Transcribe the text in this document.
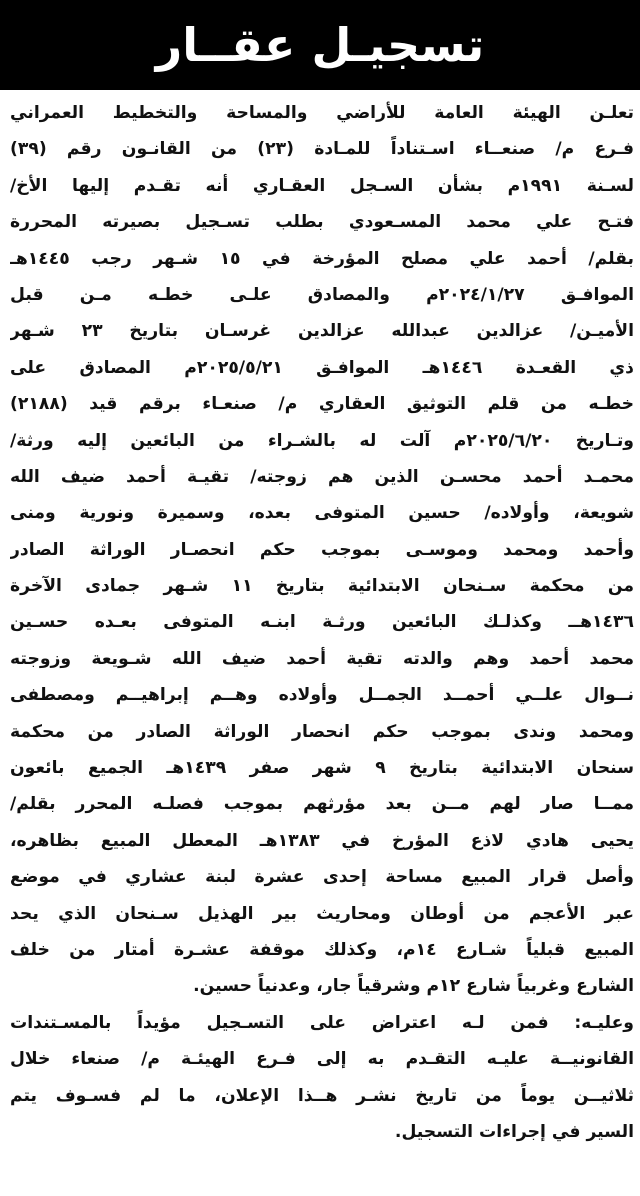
تسجيـل عقــار
تعلـن الهيئة العامة للأراضي والمساحة والتخطيط العمراني
فـرع م/ صنعــاء اسـتناداً للمـادة (٢٣) من القانـون رقم (٣٩)
لسـنة ١٩٩١م بشأن السـجل العقـاري أنه تقـدم إليها الأخ/
فتـح علي محمد المسـعودي بطلب تسـجيل بصيرته المحررة
بقلم/ أحمد علي مصلح المؤرخة في ١٥ شـهر رجب ١٤٤٥هـ
الموافـق ٢٠٢٤/١/٢٧م والمصادق علـى خطـه مـن قبل
الأميـن/ عزالدين عبدالله عزالدين غرسـان بتاريخ ٢٣ شـهر
ذي القعـدة ١٤٤٦هـ الموافـق ٢٠٢٥/٥/٢١م المصادق على
خطـه من قلم التوثيق العقاري م/ صنعـاء برقم قيد (٢١٨٨)
وتـاريخ ٢٠٢٥/٦/٢٠م آلت له بالشـراء من البائعين إليه ورثة/
محمـد أحمد محسـن الذين هم زوجته/ تقيـة أحمد ضيف الله
شويعة، وأولاده/ حسين المتوفى بعده، وسميرة ونورية ومنى
وأحمد ومحمد وموسـى بموجب حكم انحصـار الوراثة الصادر
من محكمة سـنحان الابتدائية بتاريخ ١١ شـهر جمادى الآخرة
١٤٣٦هــ وكذلـك البائعين ورثـة ابنـه المتوفى بعـده حسـين
محمد أحمد وهم والدته تقية أحمد ضيف الله شـويعة وزوجته
نــوال علــي أحمــد الجمــل وأولاده وهــم إبراهيــم ومصطفى
ومحمد وندى بموجب حكم انحصار الوراثة الصادر من محكمة
سنحان الابتدائية بتاريخ ٩ شهر صفر ١٤٣٩هـ الجميع بائعون
ممــا صار لهم مــن بعد مؤرثهم بموجب فصلـه المحرر بقلم/
يحيى هادي لاذع المؤرخ في ١٣٨٣هـ المعطل المبيع بظاهره،
وأصل قرار المبيع مساحة إحدى عشرة لبنة عشاري في موضع
عبر الأعجم من أوطان ومحاريث بير الهذيل سـنحان الذي يحد
المبيع قبلياً شـارع ١٤م، وكذلك موقفة عشـرة أمتار من خلف
الشارع وغربياً شارع ١٢م وشرقياً جار، وعدنياً حسين.
وعليـه: فمن لـه اعتراض على التسـجيل مؤيداً بالمسـتندات
القانونيــة عليـه التقـدم به إلى فـرع الهيئـة م/ صنعاء خلال
ثلاثيــن يوماً من تاريخ نشـر هــذا الإعلان، ما لم فسـوف يتم
السير في إجراءات التسجيل.
